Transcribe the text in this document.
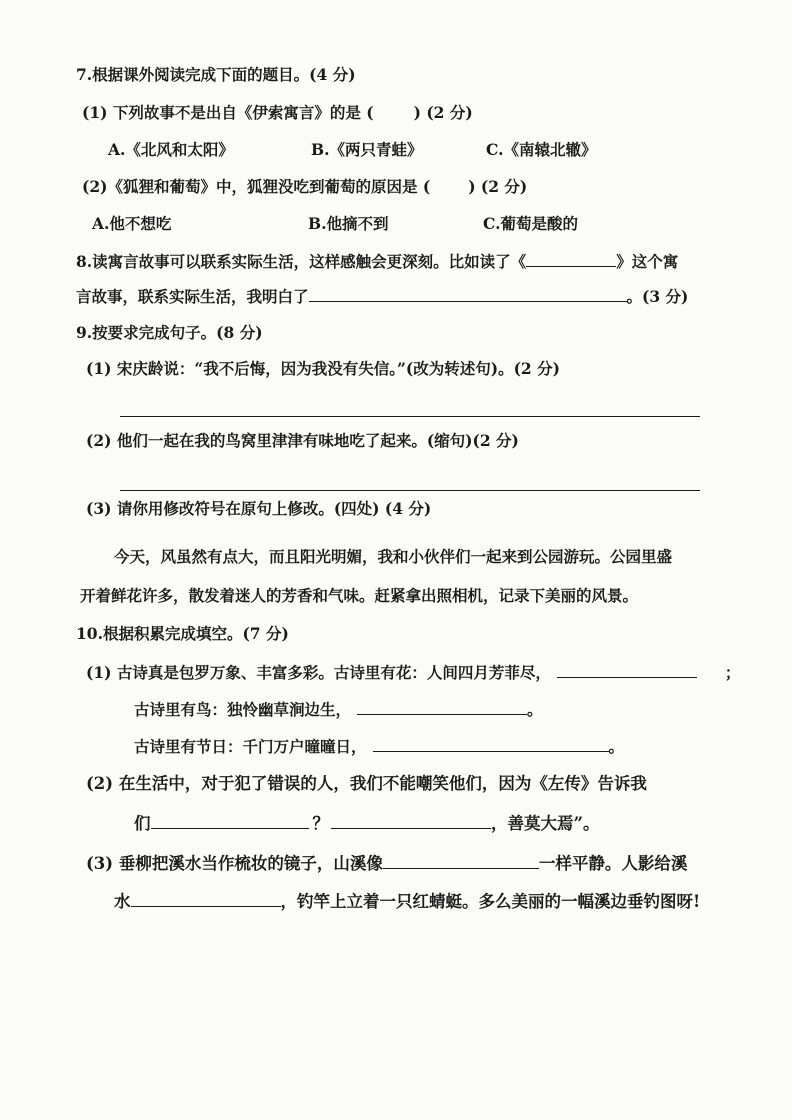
7.根据课外阅读完成下面的题目。(4 分)
(1) 下列故事不是出自《伊索寓言》的是 (	) (2 分)
A.《北风和太阳》	B.《两只青蛙》	C.《南辕北辙》
(2)《狐狸和葡萄》中，狐狸没吃到葡萄的原因是 ( ) (2 分)
A.他不想吃	B.他摘不到	C.葡萄是酸的
8.读寓言故事可以联系实际生活，这样感触会更深刻。比如读了《	》这个寓
言故事，联系实际生活，我明白了	。(3 分)
9.按要求完成句子。(8 分)
(1) 宋庆龄说：“我不后悔，因为我没有失信。”(改为转述句)。(2 分)
(2) 他们一起在我的鸟窝里津津有味地吃了起来。(缩句)(2 分)
(3) 请你用修改符号在原句上修改。(四处) (4 分)
今天，风虽然有点大，而且阳光明媚，我和小伙伴们一起来到公园游玩。公园里盛
开着鲜花许多，散发着迷人的芳香和气味。赶紧拿出照相机，记录下美丽的风景。
10.根据积累完成填空。(7 分)
(1) 古诗真是包罗万象、丰富多彩。古诗里有花：人间四月芳菲尽，	；
古诗里有鸟：独怜幽草涧边生，	。
古诗里有节日：千门万户曈曈日，	。
(2) 在生活中，对于犯了错误的人，我们不能嘲笑他们，因为《左传》告诉我
们	？	，善莫大焉”。
(3) 垂柳把溪水当作梳妆的镜子，山溪像	一样平静。人影给溪
水	，钓竿上立着一只红蜻蜓。多么美丽的一幅溪边垂钓图呀!
